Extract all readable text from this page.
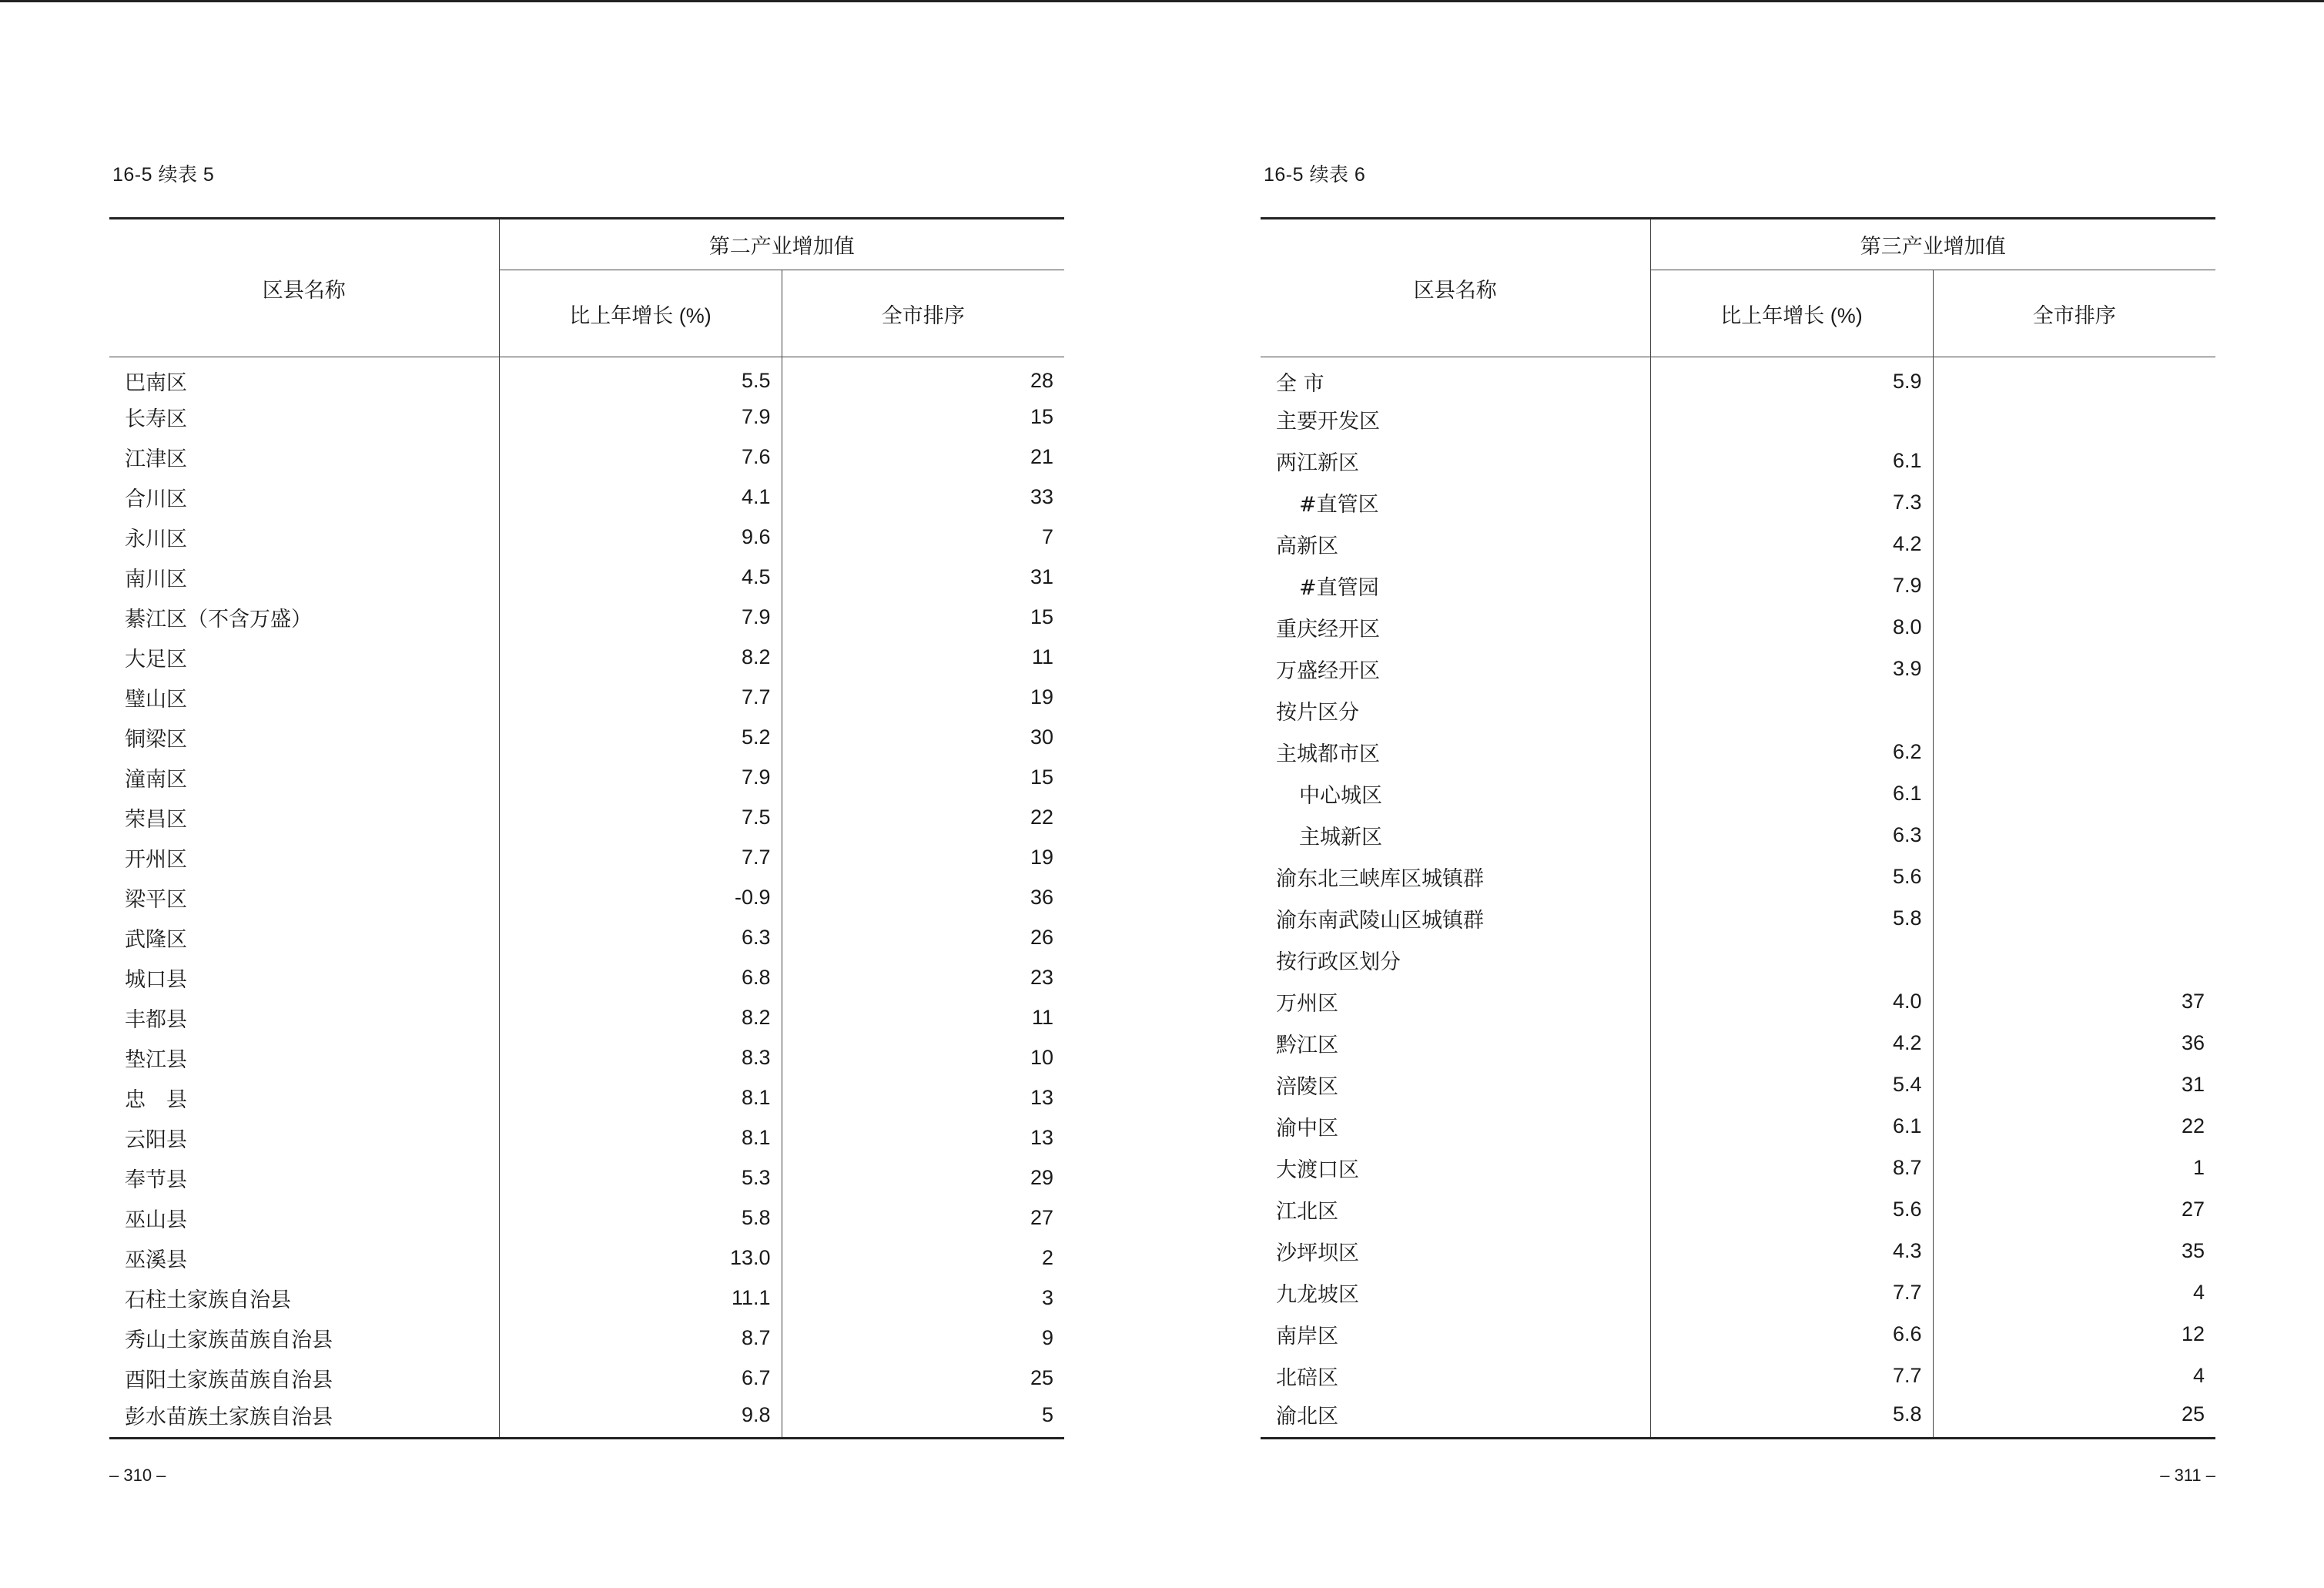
16-5 续表 5
区县名称	第二产业增加值	
	比上年增长 (%)	全市排序
巴南区	5.5	28
长寿区	7.9	15
江津区	7.6	21
合川区	4.1	33
永川区	9.6	7
南川区	4.5	31
綦江区（不含万盛）	7.9	15
大足区	8.2	11
璧山区	7.7	19
铜梁区	5.2	30
潼南区	7.9	15
荣昌区	7.5	22
开州区	7.7	19
梁平区	-0.9	36
武隆区	6.3	26
城口县	6.8	23
丰都县	8.2	11
垫江县	8.3	10
忠　县	8.1	13
云阳县	8.1	13
奉节县	5.3	29
巫山县	5.8	27
巫溪县	13.0	2
石柱土家族自治县	11.1	3
秀山土家族苗族自治县	8.7	9
酉阳土家族苗族自治县	6.7	25
彭水苗族土家族自治县	9.8	5
– 310 –
16-5 续表 6
区县名称	第三产业增加值	
	比上年增长 (%)	全市排序
全 市	5.9	
主要开发区		
两江新区	6.1	
#直管区	7.3	
高新区	4.2	
#直管园	7.9	
重庆经开区	8.0	
万盛经开区	3.9	
按片区分		
主城都市区	6.2	
中心城区	6.1	
主城新区	6.3	
渝东北三峡库区城镇群	5.6	
渝东南武陵山区城镇群	5.8	
按行政区划分		
万州区	4.0	37
黔江区	4.2	36
涪陵区	5.4	31
渝中区	6.1	22
大渡口区	8.7	1
江北区	5.6	27
沙坪坝区	4.3	35
九龙坡区	7.7	4
南岸区	6.6	12
北碚区	7.7	4
渝北区	5.8	25
– 311 –
